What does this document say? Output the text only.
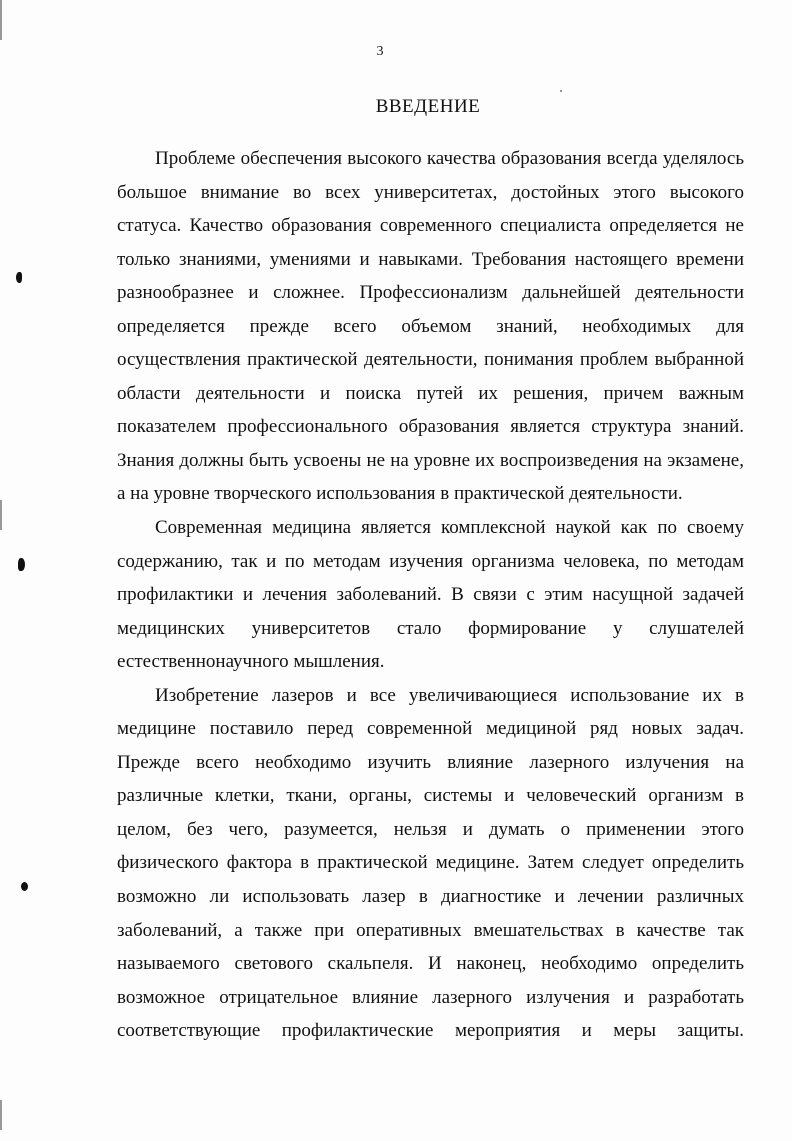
3
ВВЕДЕНИЕ

Проблеме обеспечения высокого качества образования всегда уделялось большое внимание во всех университетах, достойных этого высокого статуса. Качество образования современного специалиста определяется не только знаниями, умениями и навыками. Требования настоящего времени разнообразнее и сложнее. Профессионализм дальнейшей деятельности определяется прежде всего объемом знаний, необходимых для осуществления практической деятельности, понимания проблем выбранной области деятельности и поиска путей их решения, причем важным показателем профессионального образования является структура знаний. Знания должны быть усвоены не на уровне их воспроизведения на экзамене, а на уровне творческого использования в практической деятельности.

Современная медицина является комплексной наукой как по своему содержанию, так и по методам изучения организма человека, по методам профилактики и лечения заболеваний. В связи с этим насущной задачей медицинских университетов стало формирование у слушателей естественнонаучного мышления.

Изобретение лазеров и все увеличивающиеся использование их в медицине поставило перед современной медициной ряд новых задач. Прежде всего необходимо изучить влияние лазерного излучения на различные клетки, ткани, органы, системы и человеческий организм в целом, без чего, разумеется, нельзя и думать о применении этого физического фактора в практической медицине. Затем следует определить возможно ли использовать лазер в диагностике и лечении различных заболеваний, а также при оперативных вмешательствах в качестве так называемого светового скальпеля. И наконец, необходимо определить возможное отрицательное влияние лазерного излучения и разработать соответствующие профилактические мероприятия и меры защиты.
